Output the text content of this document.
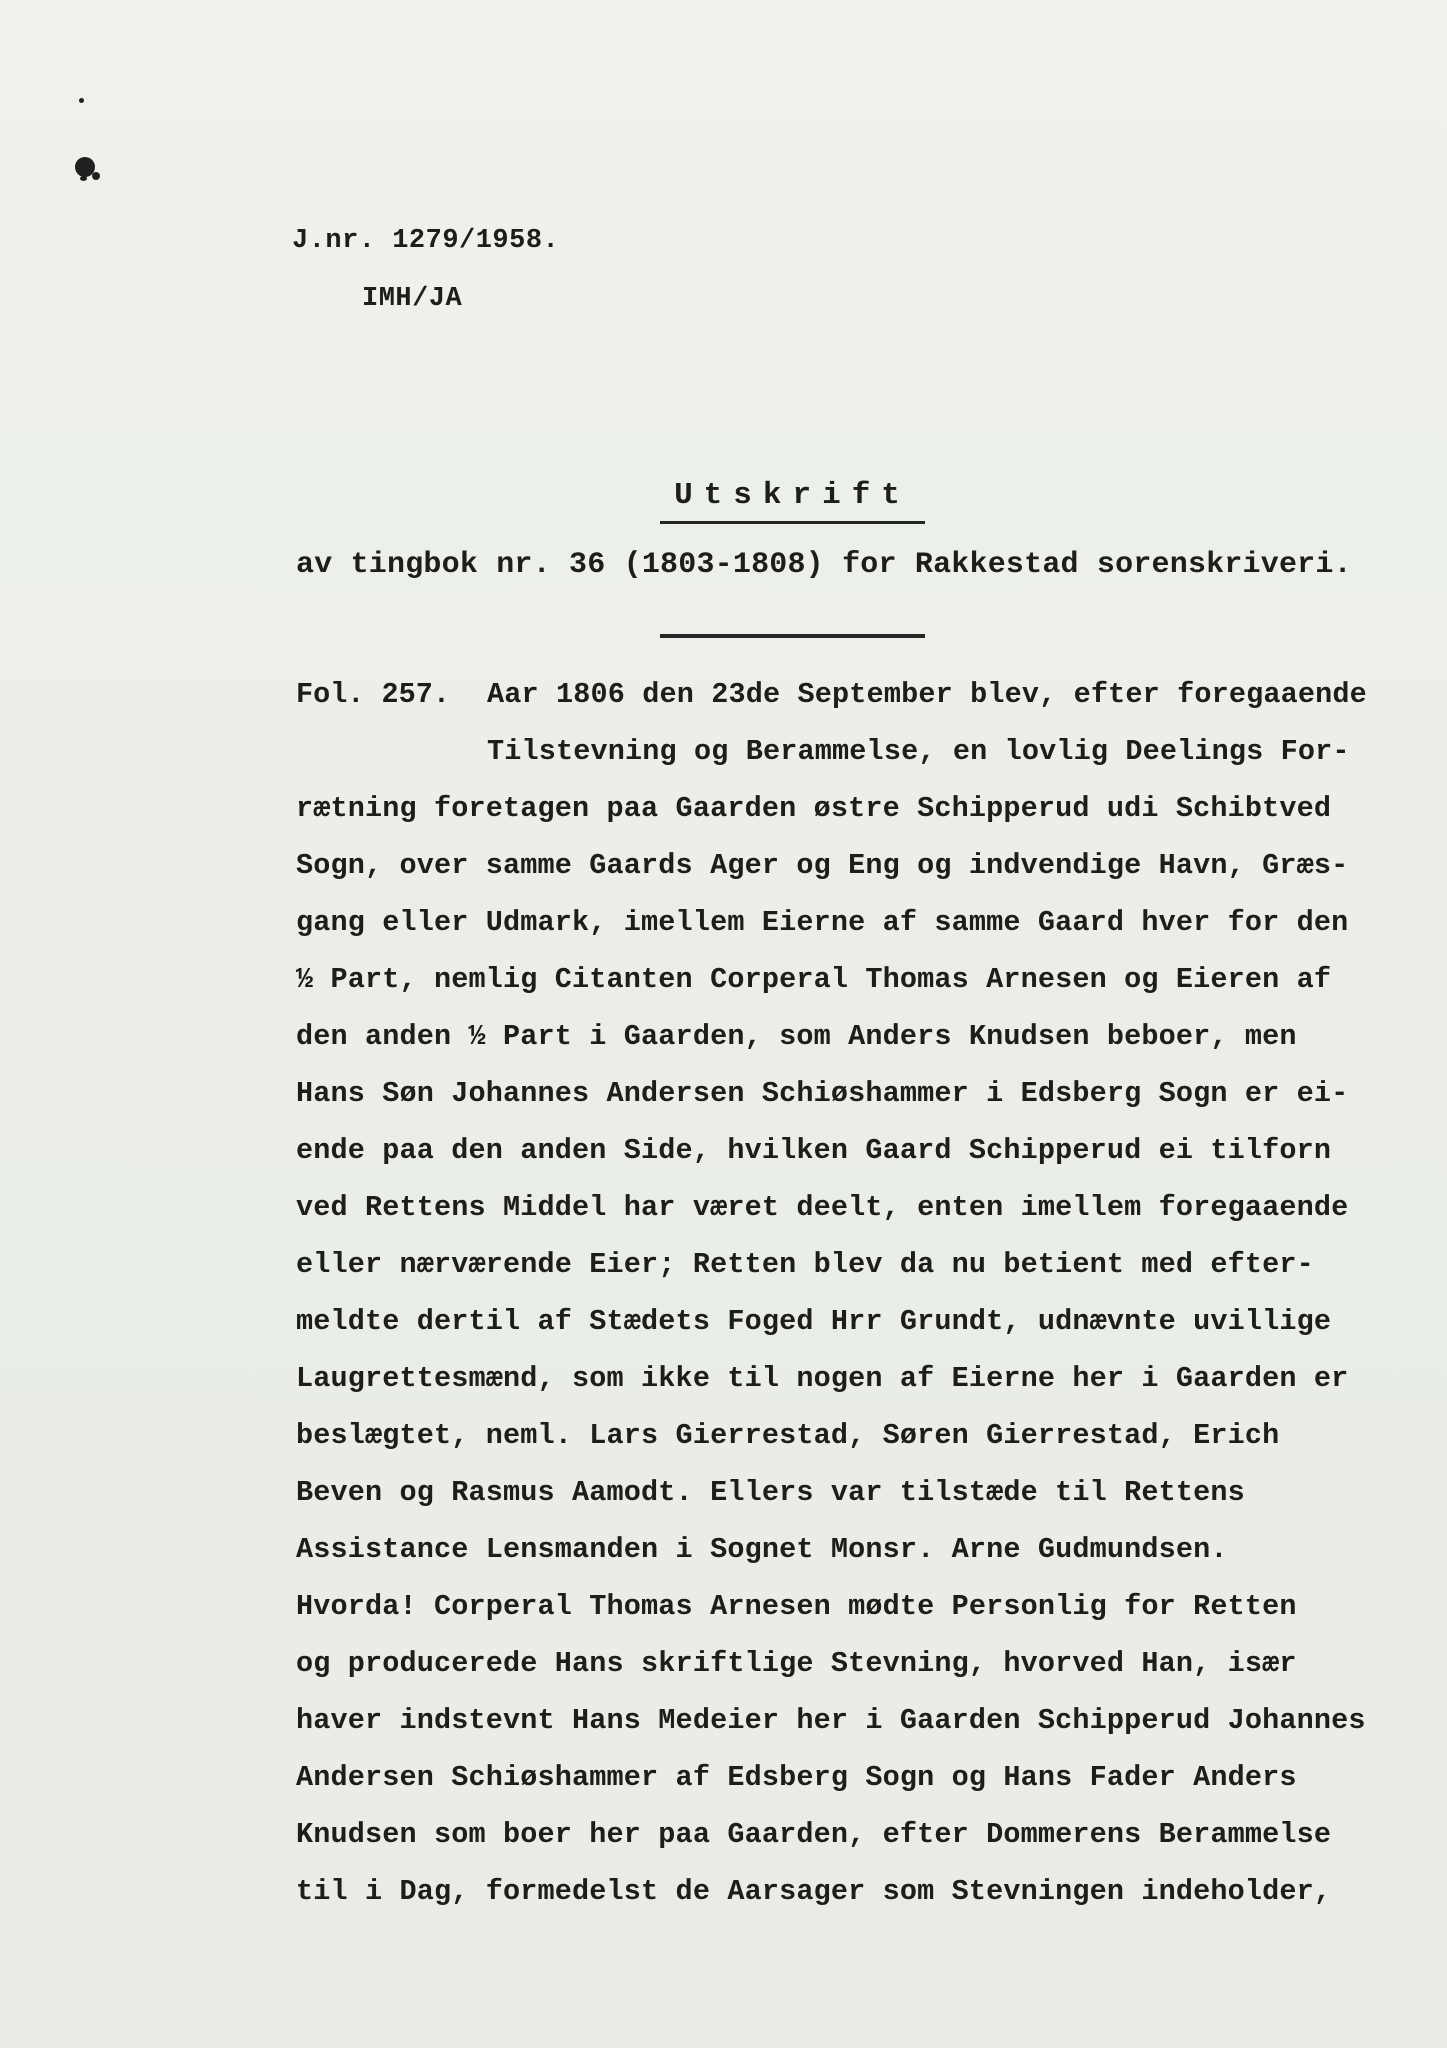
J.nr. 1279/1958.
IMH/JA
Utskrift
av tingbok nr. 36 (1803-1808) for Rakkestad sorenskriveri.
Fol. 257. Aar 1806 den 23de September blev, efter foregaaende
Tilstevning og Berammelse, en lovlig Deelings For-
rætning foretagen paa Gaarden østre Schipperud udi Schibtved
Sogn, over samme Gaards Ager og Eng og indvendige Havn, Græs-
gang eller Udmark, imellem Eierne af samme Gaard hver for den
½ Part, nemlig Citanten Corperal Thomas Arnesen og Eieren af
den anden ½ Part i Gaarden, som Anders Knudsen beboer, men
Hans Søn Johannes Andersen Schiøshammer i Edsberg Sogn er ei-
ende paa den anden Side, hvilken Gaard Schipperud ei tilforn
ved Rettens Middel har været deelt, enten imellem foregaaende
eller nærværende Eier; Retten blev da nu betient med efter-
meldte dertil af Stædets Foged Hrr Grundt, udnævnte uvillige
Laugrettesmænd, som ikke til nogen af Eierne her i Gaarden er
beslægtet, neml. Lars Gierrestad, Søren Gierrestad, Erich
Beven og Rasmus Aamodt. Ellers var tilstæde til Rettens
Assistance Lensmanden i Sognet Monsr. Arne Gudmundsen.
Hvorda! Corperal Thomas Arnesen mødte Personlig for Retten
og producerede Hans skriftlige Stevning, hvorved Han, især
haver indstevnt Hans Medeier her i Gaarden Schipperud Johannes
Andersen Schiøshammer af Edsberg Sogn og Hans Fader Anders
Knudsen som boer her paa Gaarden, efter Dommerens Berammelse
til i Dag, formedelst de Aarsager som Stevningen indeholder,
